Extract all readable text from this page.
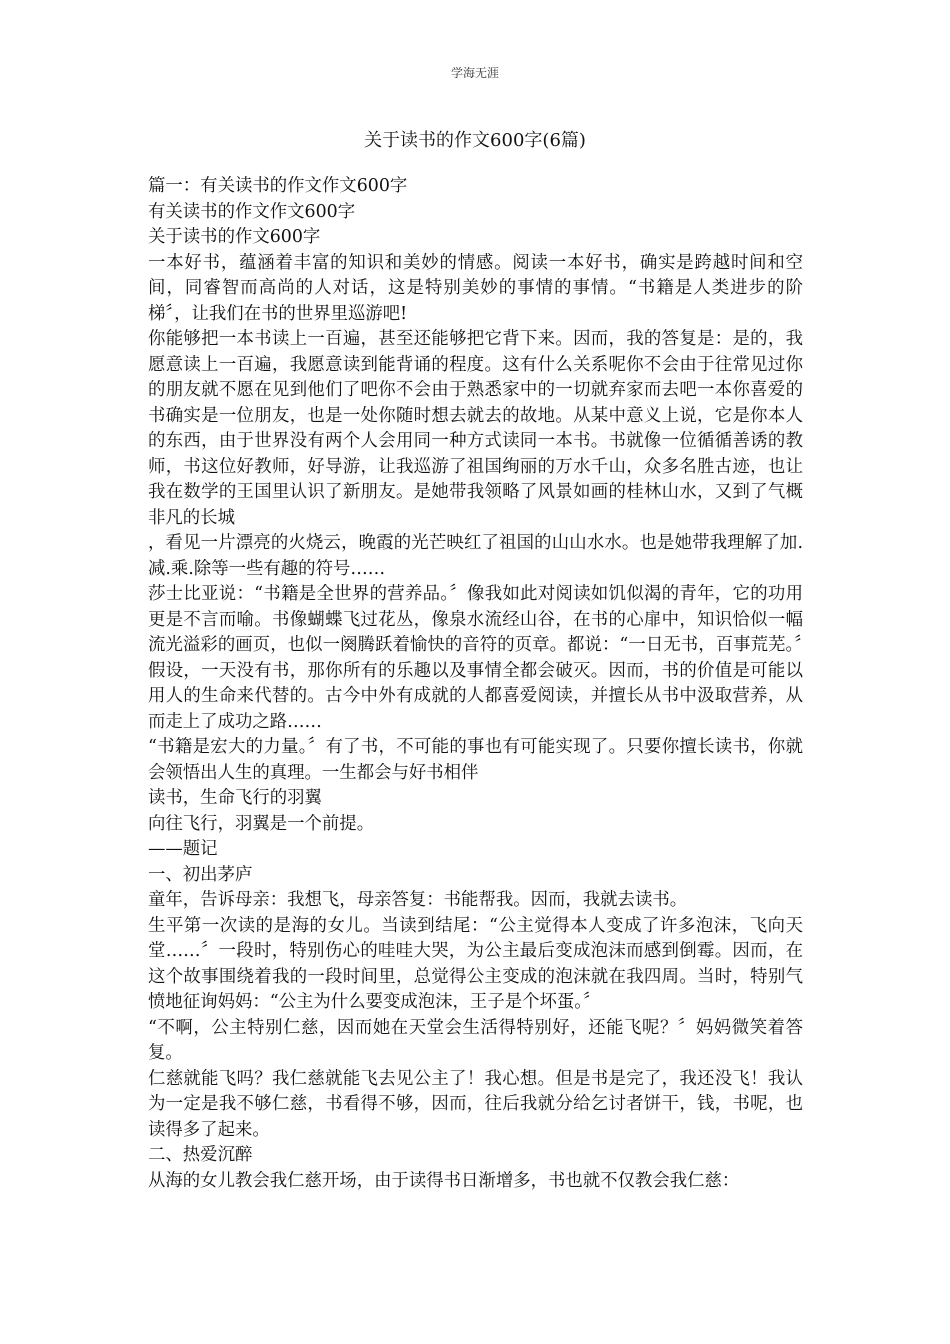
学海无涯
关于读书的作文600字(6篇)

篇一：有关读书的作文作文600字

有关读书的作文作文600字

关于读书的作文600字

一本好书，蕴涵着丰富的知识和美妙的情感。阅读一本好书，确实是跨越时间和空间，同睿智而高尚的人对话，这是特别美妙的事情的事情。“书籍是人类进步的阶梯〞，让我们在书的世界里巡游吧!

你能够把一本书读上一百遍，甚至还能够把它背下来。因而，我的答复是：是的，我愿意读上一百遍，我愿意读到能背诵的程度。这有什么关系呢你不会由于往常见过你的朋友就不愿在见到他们了吧你不会由于熟悉家中的一切就弃家而去吧一本你喜爱的书确实是一位朋友，也是一处你随时想去就去的故地。从某中意义上说，它是你本人的东西，由于世界没有两个人会用同一种方式读同一本书。书就像一位循循善诱的教师，书这位好教师，好导游，让我巡游了祖国绚丽的万水千山，众多名胜古迹，也让我在数学的王国里认识了新朋友。是她带我领略了风景如画的桂林山水，又到了气概非凡的长城

，看见一片漂亮的火烧云，晚霞的光芒映红了祖国的山山水水。也是她带我理解了加.减.乘.除等一些有趣的符号……

莎士比亚说：“书籍是全世界的营养品。〞像我如此对阅读如饥似渴的青年，它的功用更是不言而喻。书像蝴蝶飞过花丛，像泉水流经山谷，在书的心扉中，知识恰似一幅流光溢彩的画页，也似一阕腾跃着愉快的音符的页章。都说：“一日无书，百事荒芜。〞假设，一天没有书，那你所有的乐趣以及事情全都会破灭。因而，书的价值是可能以用人的生命来代替的。古今中外有成就的人都喜爱阅读，并擅长从书中汲取营养，从而走上了成功之路……

“书籍是宏大的力量。〞有了书，不可能的事也有可能实现了。只要你擅长读书，你就会领悟出人生的真理。一生都会与好书相伴

读书，生命飞行的羽翼

向往飞行，羽翼是一个前提。

——题记

一、初出茅庐

童年，告诉母亲：我想飞，母亲答复：书能帮我。因而，我就去读书。

生平第一次读的是海的女儿。当读到结尾：“公主觉得本人变成了许多泡沫，飞向天堂……〞一段时，特别伤心的哇哇大哭，为公主最后变成泡沫而感到倒霉。因而，在这个故事围绕着我的一段时间里，总觉得公主变成的泡沫就在我四周。当时，特别气愤地征询妈妈：“公主为什么要变成泡沫，王子是个坏蛋。〞

“不啊，公主特别仁慈，因而她在天堂会生活得特别好，还能飞呢？〞妈妈微笑着答复。

仁慈就能飞吗？我仁慈就能飞去见公主了！我心想。但是书是完了，我还没飞！我认为一定是我不够仁慈，书看得不够，因而，往后我就分给乞讨者饼干，钱，书呢，也读得多了起来。

二、热爱沉醉

从海的女儿教会我仁慈开场，由于读得书日渐增多，书也就不仅教会我仁慈：
